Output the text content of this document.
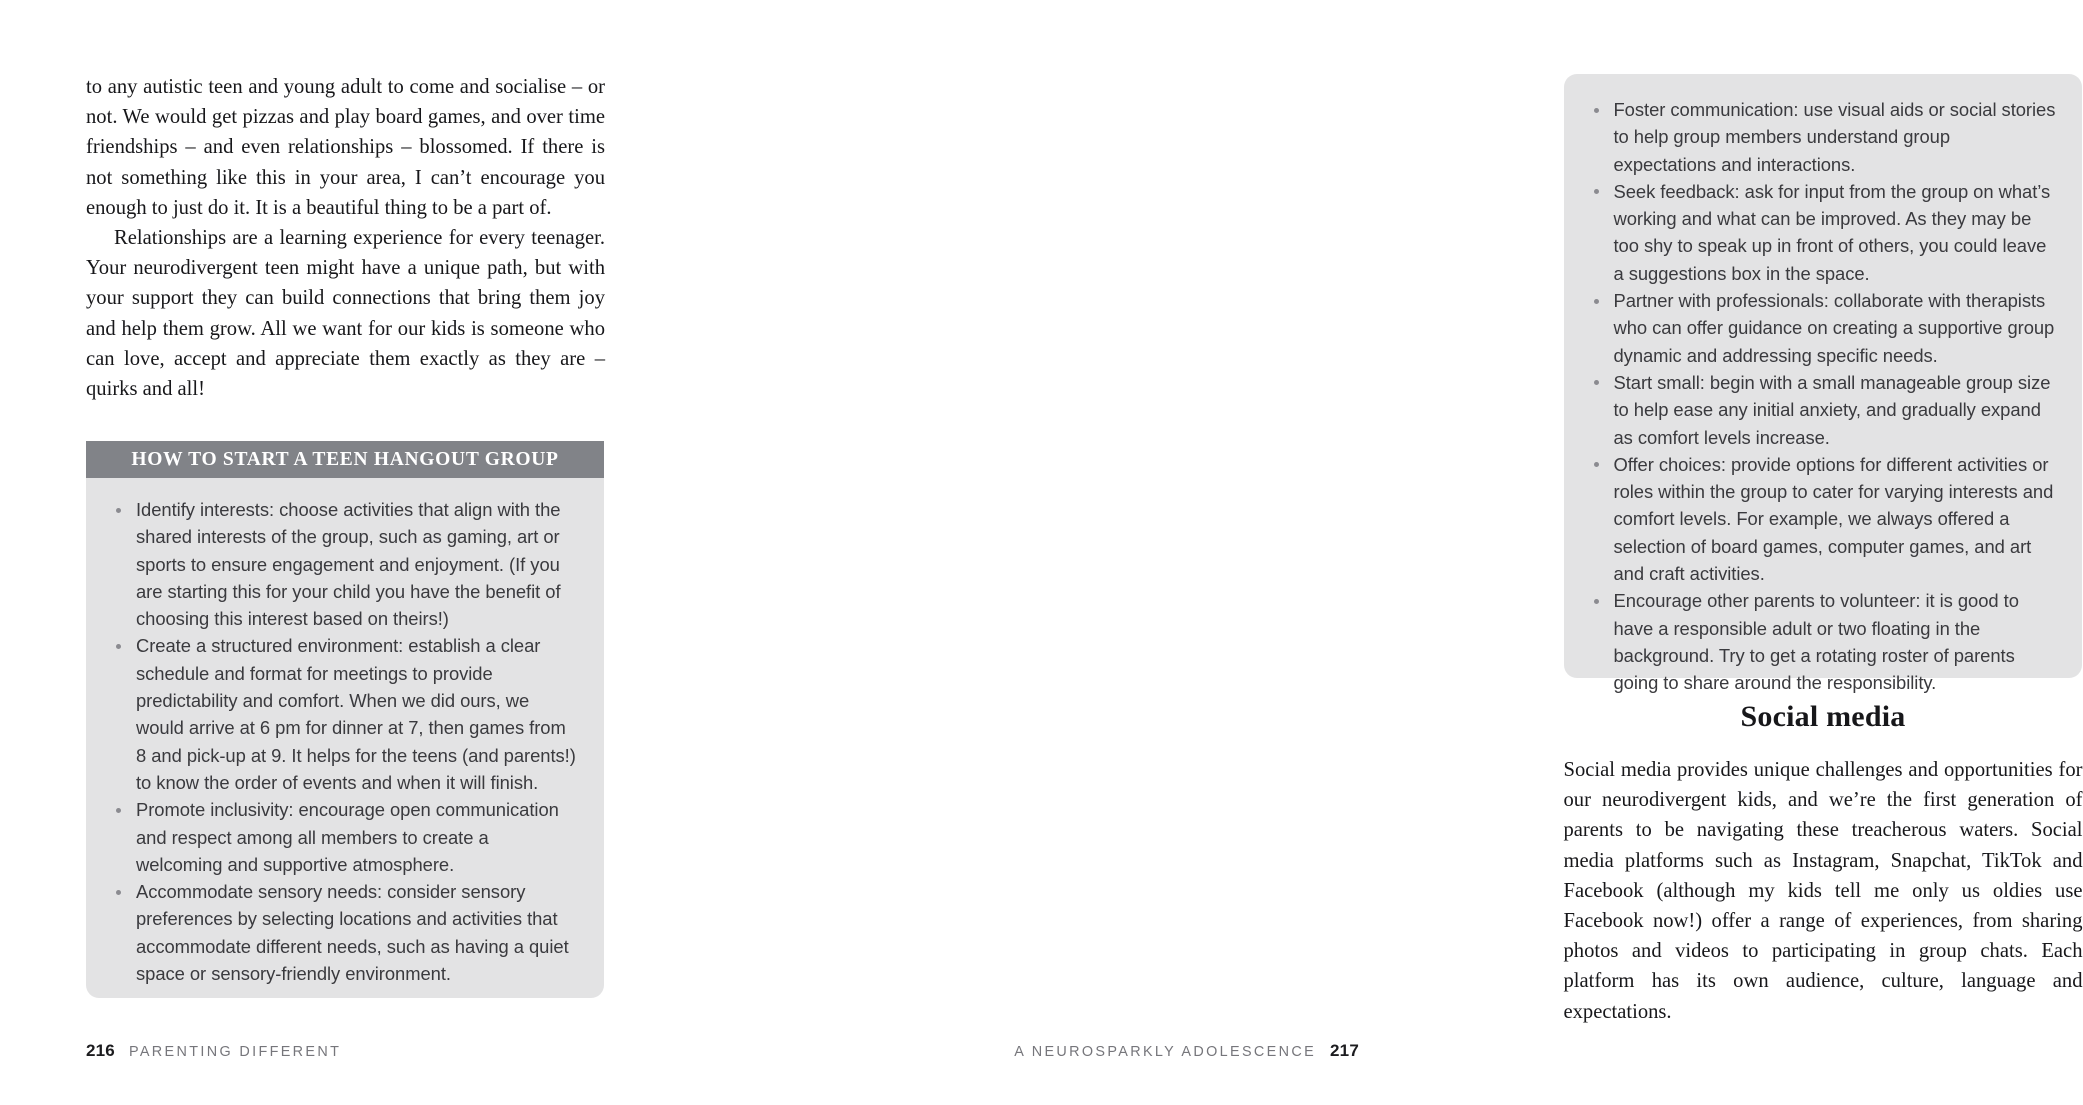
to any autistic teen and young adult to come and socialise – or not. We would get pizzas and play board games, and over time friendships – and even relationships – blossomed. If there is not something like this in your area, I can’t encourage you enough to just do it. It is a beautiful thing to be a part of.

Relationships are a learning experience for every teenager. Your neurodivergent teen might have a unique path, but with your support they can build connections that bring them joy and help them grow. All we want for our kids is someone who can love, accept and appreciate them exactly as they are – quirks and all!

HOW TO START A TEEN HANGOUT GROUP
Identify interests: choose activities that align with the shared interests of the group, such as gaming, art or sports to ensure engagement and enjoyment. (If you are starting this for your child you have the benefit of choosing this interest based on theirs!)
Create a structured environment: establish a clear schedule and format for meetings to provide predictability and comfort. When we did ours, we would arrive at 6 pm for dinner at 7, then games from 8 and pick-up at 9. It helps for the teens (and parents!) to know the order of events and when it will finish.
Promote inclusivity: encourage open communication and respect among all members to create a welcoming and supportive atmosphere.
Accommodate sensory needs: consider sensory preferences by selecting locations and activities that accommodate different needs, such as having a quiet space or sensory-friendly environment.
216 PARENTING DIFFERENT
Foster communication: use visual aids or social stories to help group members understand group expectations and interactions.
Seek feedback: ask for input from the group on what’s working and what can be improved. As they may be too shy to speak up in front of others, you could leave a suggestions box in the space.
Partner with professionals: collaborate with therapists who can offer guidance on creating a supportive group dynamic and addressing specific needs.
Start small: begin with a small manageable group size to help ease any initial anxiety, and gradually expand as comfort levels increase.
Offer choices: provide options for different activities or roles within the group to cater for varying interests and comfort levels. For example, we always offered a selection of board games, computer games, and art and craft activities.
Encourage other parents to volunteer: it is good to have a responsible adult or two floating in the background. Try to get a rotating roster of parents going to share around the responsibility.
Social media

Social media provides unique challenges and opportunities for our neurodivergent kids, and we’re the first generation of parents to be navigating these treacherous waters. Social media platforms such as Instagram, Snapchat, TikTok and Facebook (although my kids tell me only us oldies use Facebook now!) offer a range of experiences, from sharing photos and videos to participating in group chats. Each platform has its own audience, culture, language and expectations.

A NEUROSPARKLY ADOLESCENCE 217
